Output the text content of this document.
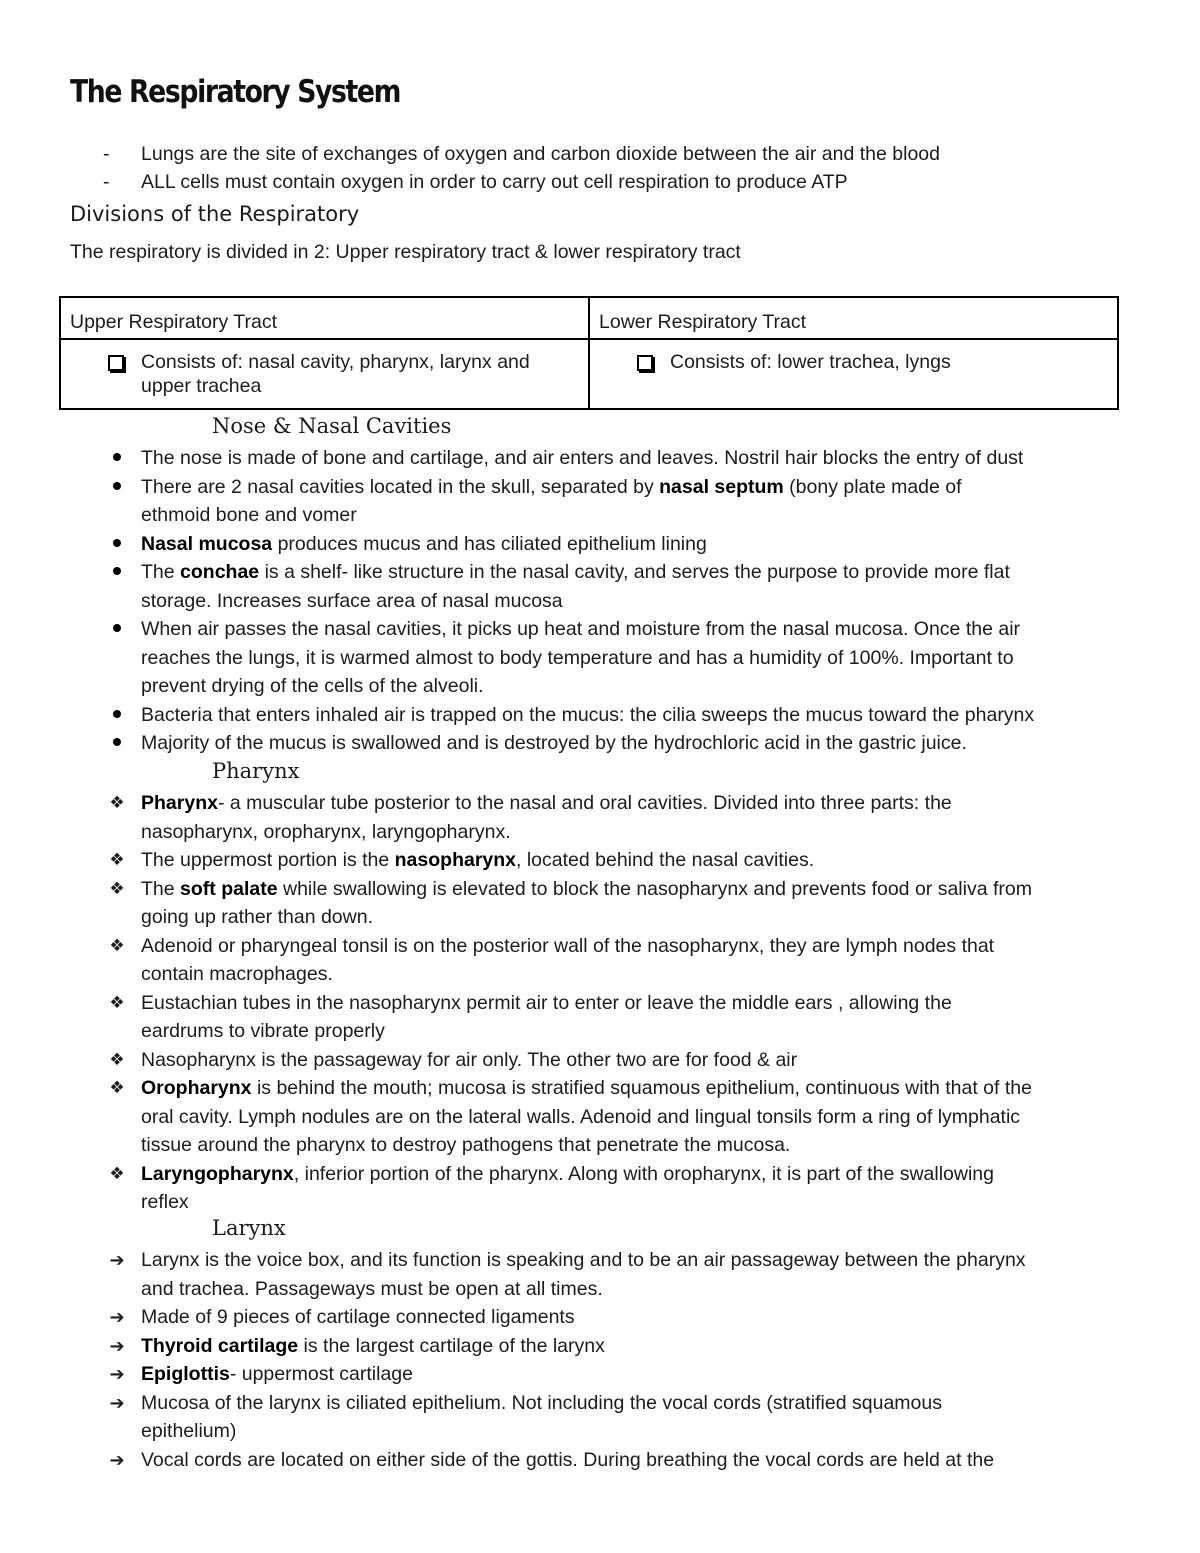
The Respiratory System
- Lungs are the site of exchanges of oxygen and carbon dioxide between the air and the blood
- ALL cells must contain oxygen in order to carry out cell respiration to produce ATP
Divisions of the Respiratory
The respiratory is divided in 2: Upper respiratory tract & lower respiratory tract
Upper Respiratory Tract	Lower Respiratory Tract

Consists of: nasal cavity, pharynx, larynx and
upper trachea	Consists of: lower trachea, lyngs
Nose & Nasal Cavities
The nose is made of bone and cartilage, and air enters and leaves. Nostril hair blocks the entry of dust
There are 2 nasal cavities located in the skull, separated by nasal septum (bony plate made of
ethmoid bone and vomer
Nasal mucosa produces mucus and has ciliated epithelium lining
The conchae is a shelf- like structure in the nasal cavity, and serves the purpose to provide more flat
storage. Increases surface area of nasal mucosa
When air passes the nasal cavities, it picks up heat and moisture from the nasal mucosa. Once the air
reaches the lungs, it is warmed almost to body temperature and has a humidity of 100%. Important to
prevent drying of the cells of the alveoli.
Bacteria that enters inhaled air is trapped on the mucus: the cilia sweeps the mucus toward the pharynx
Majority of the mucus is swallowed and is destroyed by the hydrochloric acid in the gastric juice.
Pharynx
❖ Pharynx- a muscular tube posterior to the nasal and oral cavities. Divided into three parts: the
nasopharynx, oropharynx, laryngopharynx.
❖ The uppermost portion is the nasopharynx, located behind the nasal cavities.
❖ The soft palate while swallowing is elevated to block the nasopharynx and prevents food or saliva from
going up rather than down.
❖ Adenoid or pharyngeal tonsil is on the posterior wall of the nasopharynx, they are lymph nodes that
contain macrophages.
❖ Eustachian tubes in the nasopharynx permit air to enter or leave the middle ears , allowing the
eardrums to vibrate properly
❖ Nasopharynx is the passageway for air only. The other two are for food & air
❖ Oropharynx is behind the mouth; mucosa is stratified squamous epithelium, continuous with that of the
oral cavity. Lymph nodules are on the lateral walls. Adenoid and lingual tonsils form a ring of lymphatic
tissue around the pharynx to destroy pathogens that penetrate the mucosa.
❖ Laryngopharynx, inferior portion of the pharynx. Along with oropharynx, it is part of the swallowing
reflex
Larynx
➔ Larynx is the voice box, and its function is speaking and to be an air passageway between the pharynx
and trachea. Passageways must be open at all times.
➔ Made of 9 pieces of cartilage connected ligaments
➔ Thyroid cartilage is the largest cartilage of the larynx
➔ Epiglottis- uppermost cartilage
➔ Mucosa of the larynx is ciliated epithelium. Not including the vocal cords (stratified squamous
epithelium)
➔ Vocal cords are located on either side of the gottis. During breathing the vocal cords are held at the
